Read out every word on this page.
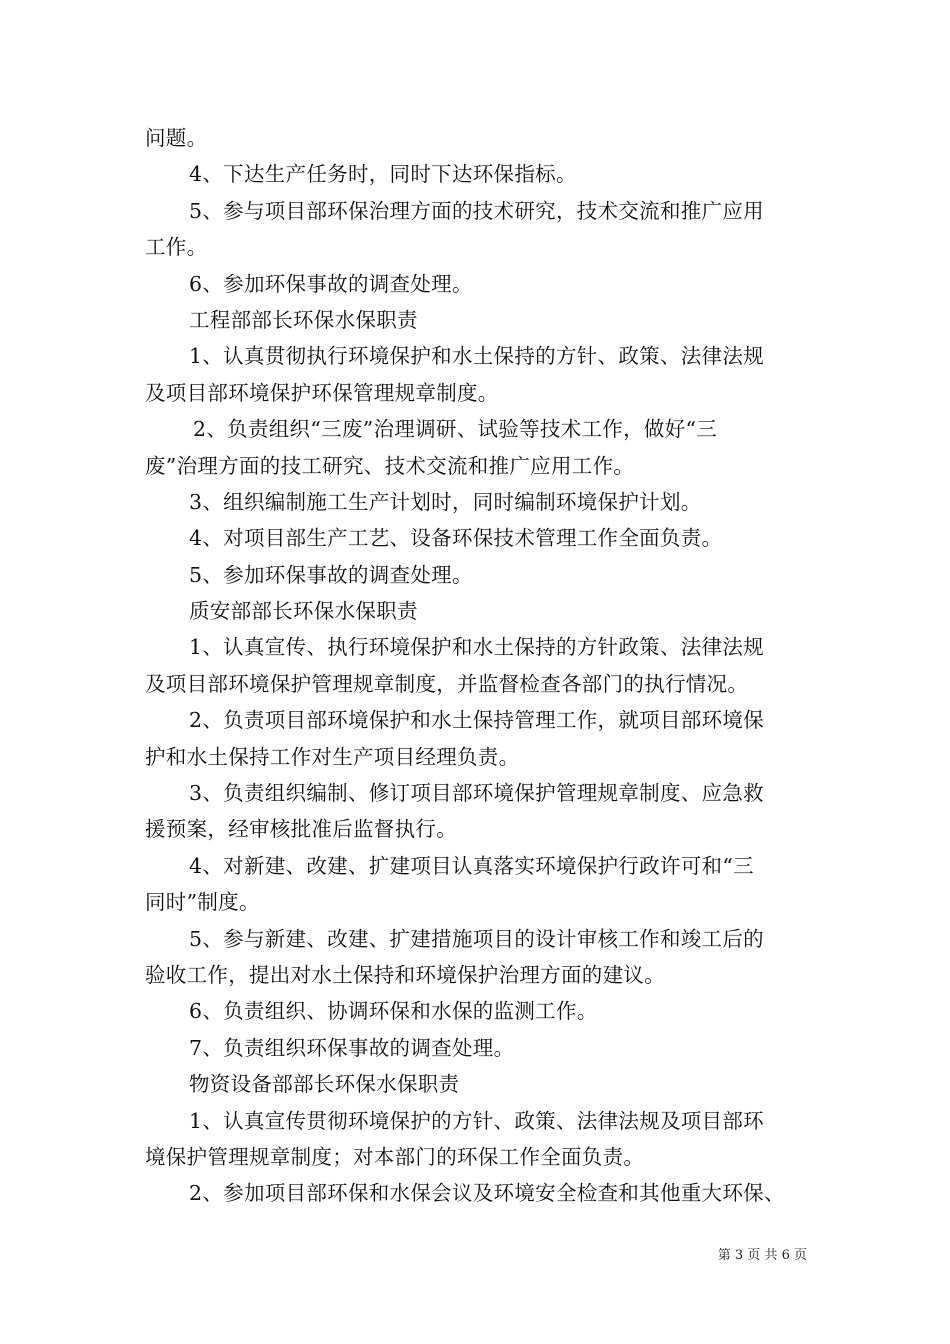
问题。
4、下达生产任务时，同时下达环保指标。
5、参与项目部环保治理方面的技术研究，技术交流和推广应用
工作。
6、参加环保事故的调查处理。
工程部部长环保水保职责
1、认真贯彻执行环境保护和水土保持的方针、政策、法律法规
及项目部环境保护环保管理规章制度。
2、负责组织“三废”治理调研、试验等技术工作，做好“三
废”治理方面的技工研究、技术交流和推广应用工作。
3、组织编制施工生产计划时，同时编制环境保护计划。
4、对项目部生产工艺、设备环保技术管理工作全面负责。
5、参加环保事故的调查处理。
质安部部长环保水保职责
1、认真宣传、执行环境保护和水土保持的方针政策、法律法规
及项目部环境保护管理规章制度，并监督检查各部门的执行情况。
2、负责项目部环境保护和水土保持管理工作，就项目部环境保
护和水土保持工作对生产项目经理负责。
3、负责组织编制、修订项目部环境保护管理规章制度、应急救
援预案，经审核批准后监督执行。
4、对新建、改建、扩建项目认真落实环境保护行政许可和“三
同时”制度。
5、参与新建、改建、扩建措施项目的设计审核工作和竣工后的
验收工作，提出对水土保持和环境保护治理方面的建议。
6、负责组织、协调环保和水保的监测工作。
7、负责组织环保事故的调查处理。
物资设备部部长环保水保职责
1、认真宣传贯彻环境保护的方针、政策、法律法规及项目部环
境保护管理规章制度；对本部门的环保工作全面负责。
2、参加项目部环保和水保会议及环境安全检查和其他重大环保、
第 3 页 共 6 页
